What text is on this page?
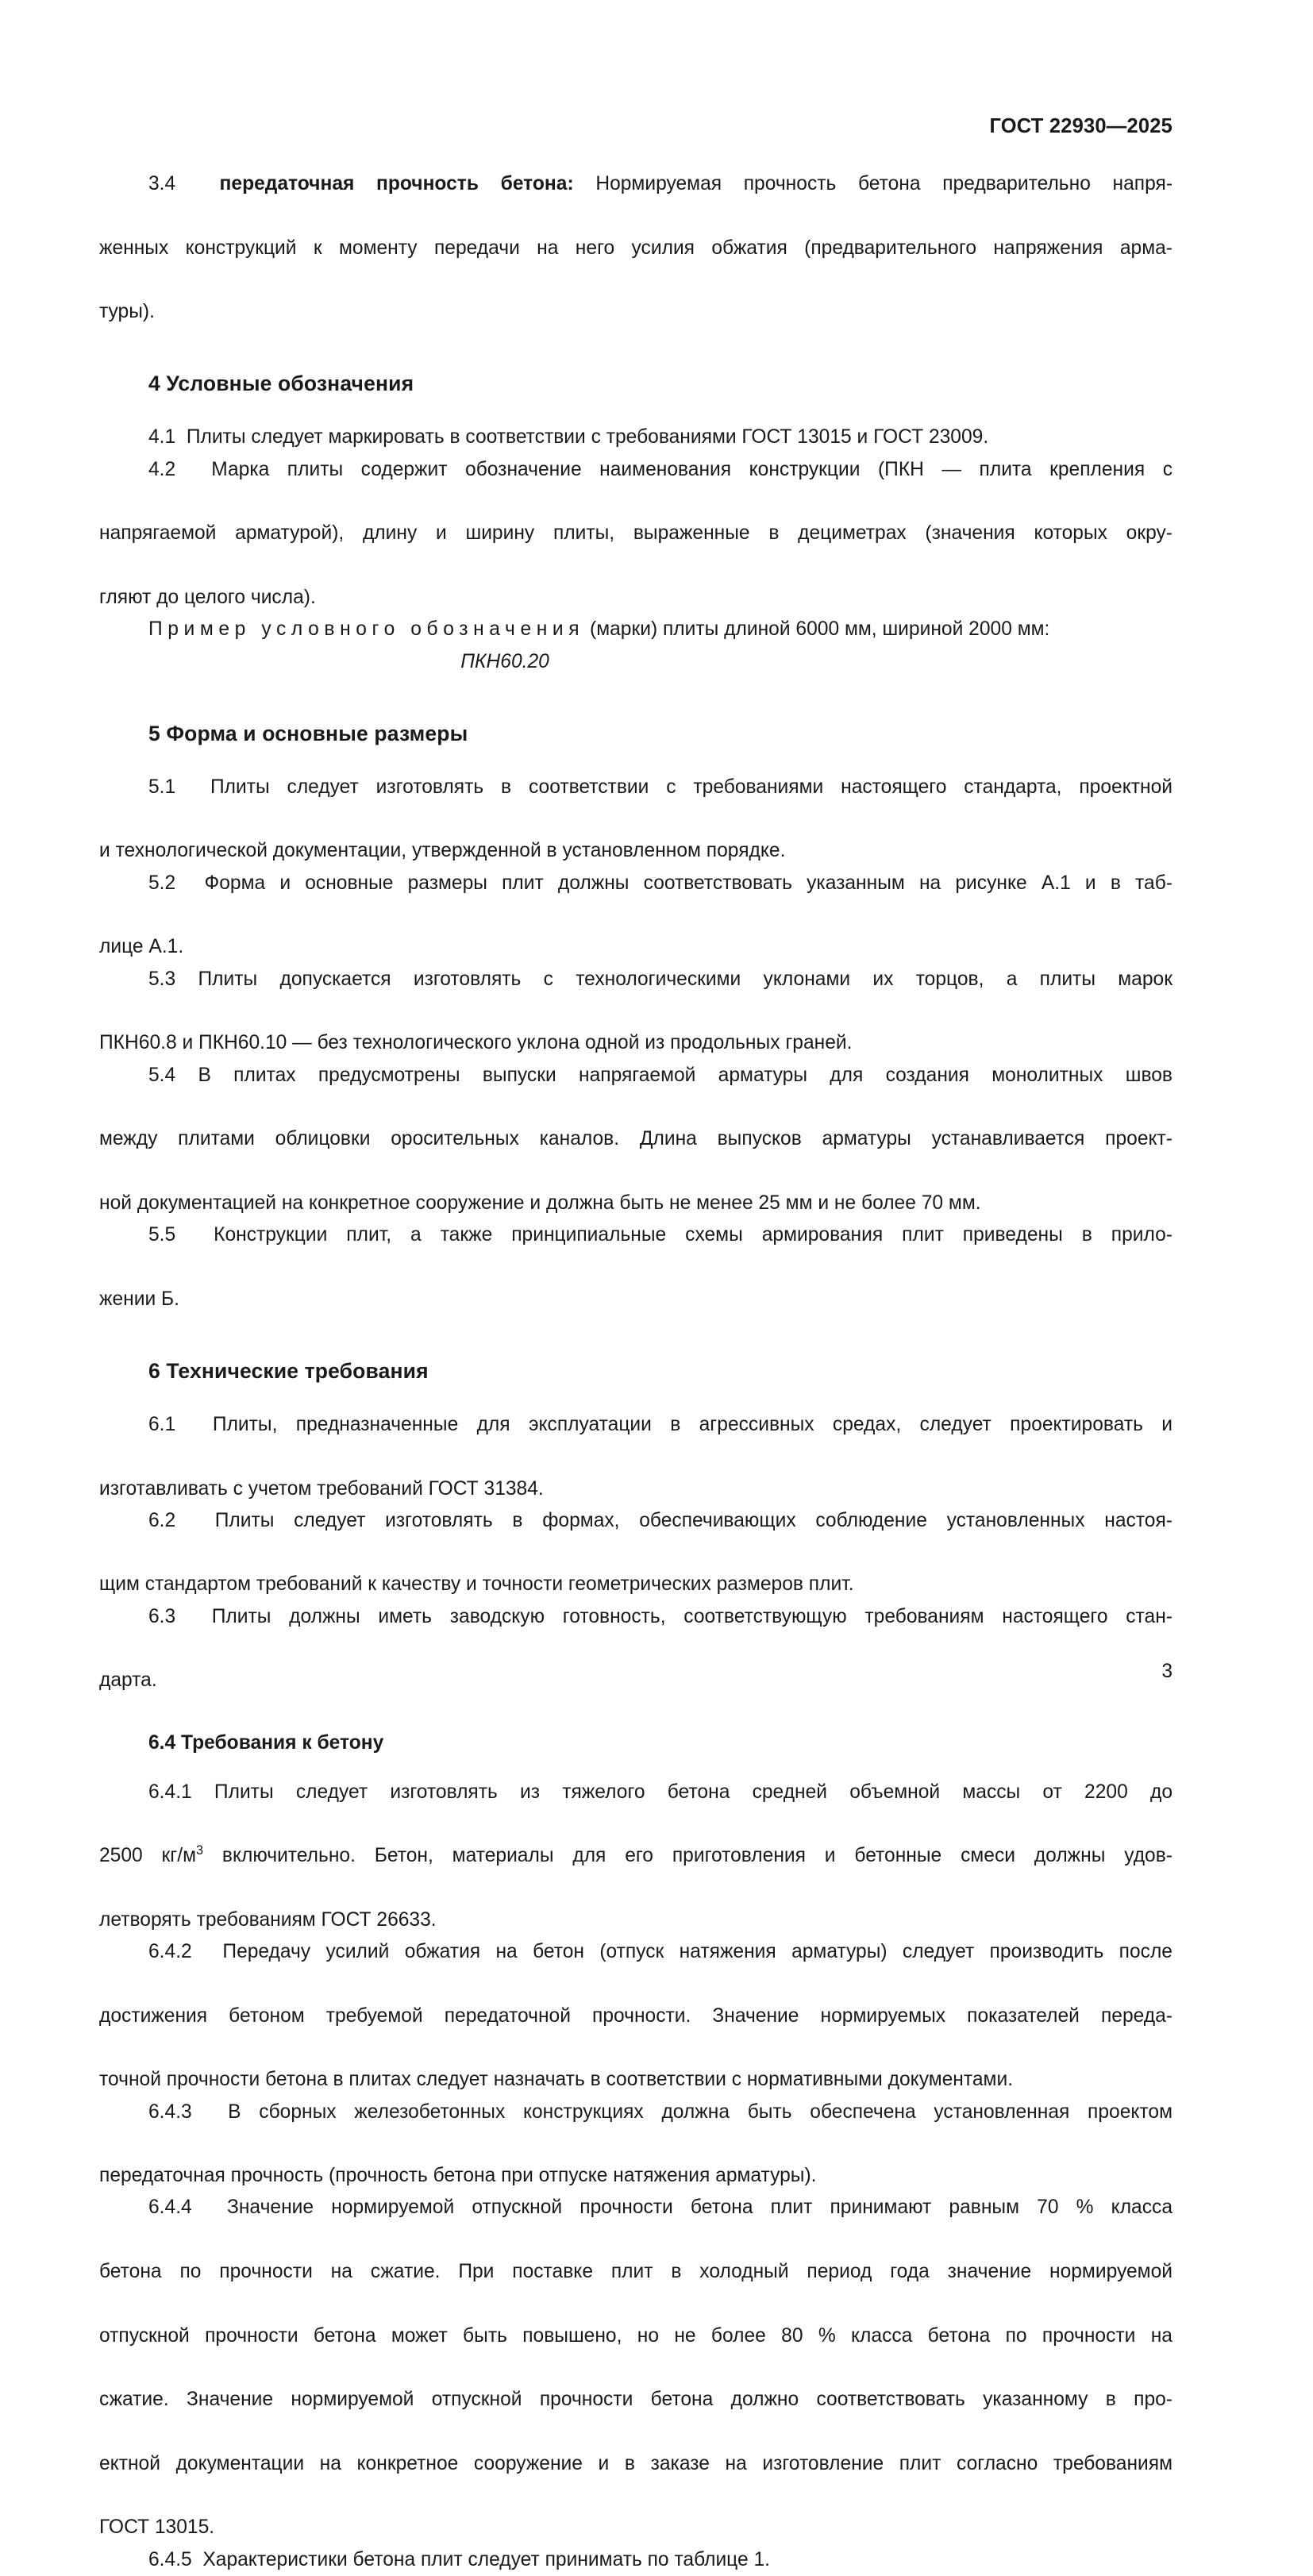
ГОСТ 22930—2025

3.4 передаточная прочность бетона: Нормируемая прочность бетона предварительно напря-
женных конструкций к моменту передачи на него усилия обжатия (предварительного напряжения арма-
туры).

4 Условные обозначения

4.1 Плиты следует маркировать в соответствии с требованиями ГОСТ 13015 и ГОСТ 23009.

4.2 Марка плиты содержит обозначение наименования конструкции (ПКН — плита крепления с
напрягаемой арматурой), длину и ширину плиты, выраженные в дециметрах (значения которых окру-
гляют до целого числа).

Пример условного обозначения (марки) плиты длиной 6000 мм, шириной 2000 мм:

ПКН60.20

5 Форма и основные размеры

5.1 Плиты следует изготовлять в соответствии с требованиями настоящего стандарта, проектной
и технологической документации, утвержденной в установленном порядке.

5.2 Форма и основные размеры плит должны соответствовать указанным на рисунке А.1 и в таб-
лице А.1.

5.3 Плиты допускается изготовлять с технологическими уклонами их торцов, а плиты марок
ПКН60.8 и ПКН60.10 — без технологического уклона одной из продольных граней.

5.4 В плитах предусмотрены выпуски напрягаемой арматуры для создания монолитных швов
между плитами облицовки оросительных каналов. Длина выпусков арматуры устанавливается проект-
ной документацией на конкретное сооружение и должна быть не менее 25 мм и не более 70 мм.

5.5 Конструкции плит, а также принципиальные схемы армирования плит приведены в прило-
жении Б.

6 Технические требования

6.1 Плиты, предназначенные для эксплуатации в агрессивных средах, следует проектировать и
изготавливать с учетом требований ГОСТ 31384.

6.2 Плиты следует изготовлять в формах, обеспечивающих соблюдение установленных настоя-
щим стандартом требований к качеству и точности геометрических размеров плит.

6.3 Плиты должны иметь заводскую готовность, соответствующую требованиям настоящего стан-
дарта.

6.4 Требования к бетону

6.4.1 Плиты следует изготовлять из тяжелого бетона средней объемной массы от 2200 до
2500 $кг/м^3$ включительно. Бетон, материалы для его приготовления и бетонные смеси должны удов-
летворять требованиям ГОСТ 26633.

6.4.2 Передачу усилий обжатия на бетон (отпуск натяжения арматуры) следует производить после
достижения бетоном требуемой передаточной прочности. Значение нормируемых показателей переда-
точной прочности бетона в плитах следует назначать в соответствии с нормативными документами.

6.4.3 В сборных железобетонных конструкциях должна быть обеспечена установленная проектом
передаточная прочность (прочность бетона при отпуске натяжения арматуры).

6.4.4 Значение нормируемой отпускной прочности бетона плит принимают равным 70 % класса
бетона по прочности на сжатие. При поставке плит в холодный период года значение нормируемой
отпускной прочности бетона может быть повышено, но не более 80 % класса бетона по прочности на
сжатие. Значение нормируемой отпускной прочности бетона должно соответствовать указанному в про-
ектной документации на конкретное сооружение и в заказе на изготовление плит согласно требованиям
ГОСТ 13015.

6.4.5 Характеристики бетона плит следует принимать по таблице 1.

3
